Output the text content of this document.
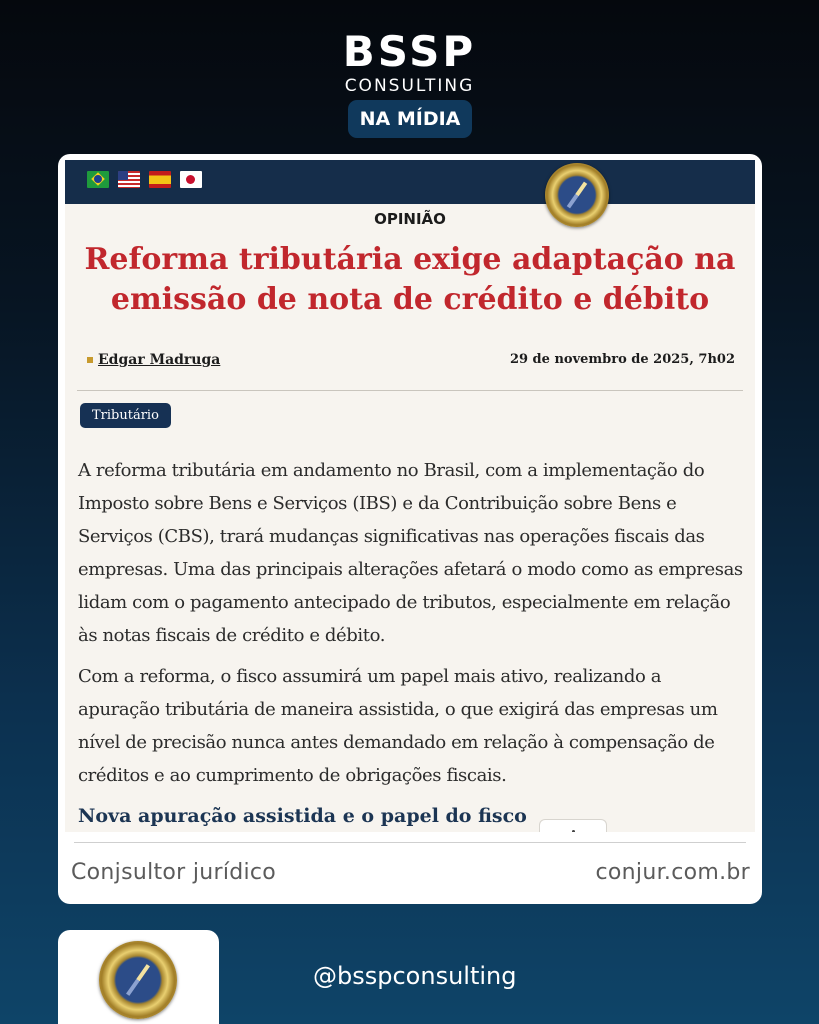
BSSP
CONSULTING
NA MÍDIA
OPINIÃO
Reforma tributária exige adaptação na emissão de nota de crédito e débito
Edgar Madruga	29 de novembro de 2025, 7h02
Tributário

A reforma tributária em andamento no Brasil, com a implementação do Imposto sobre Bens e Serviços (IBS) e da Contribuição sobre Bens e Serviços (CBS), trará mudanças significativas nas operações fiscais das empresas. Uma das principais alterações afetará o modo como as empresas lidam com o pagamento antecipado de tributos, especialmente em relação às notas fiscais de crédito e débito.

Com a reforma, o fisco assumirá um papel mais ativo, realizando a apuração tributária de maneira assistida, o que exigirá das empresas um nível de precisão nunca antes demandado em relação à compensação de créditos e ao cumprimento de obrigações fiscais.

Nova apuração assistida e o papel do fisco
Conjsultor jurídico	conjur.com.br
@bsspconsulting
